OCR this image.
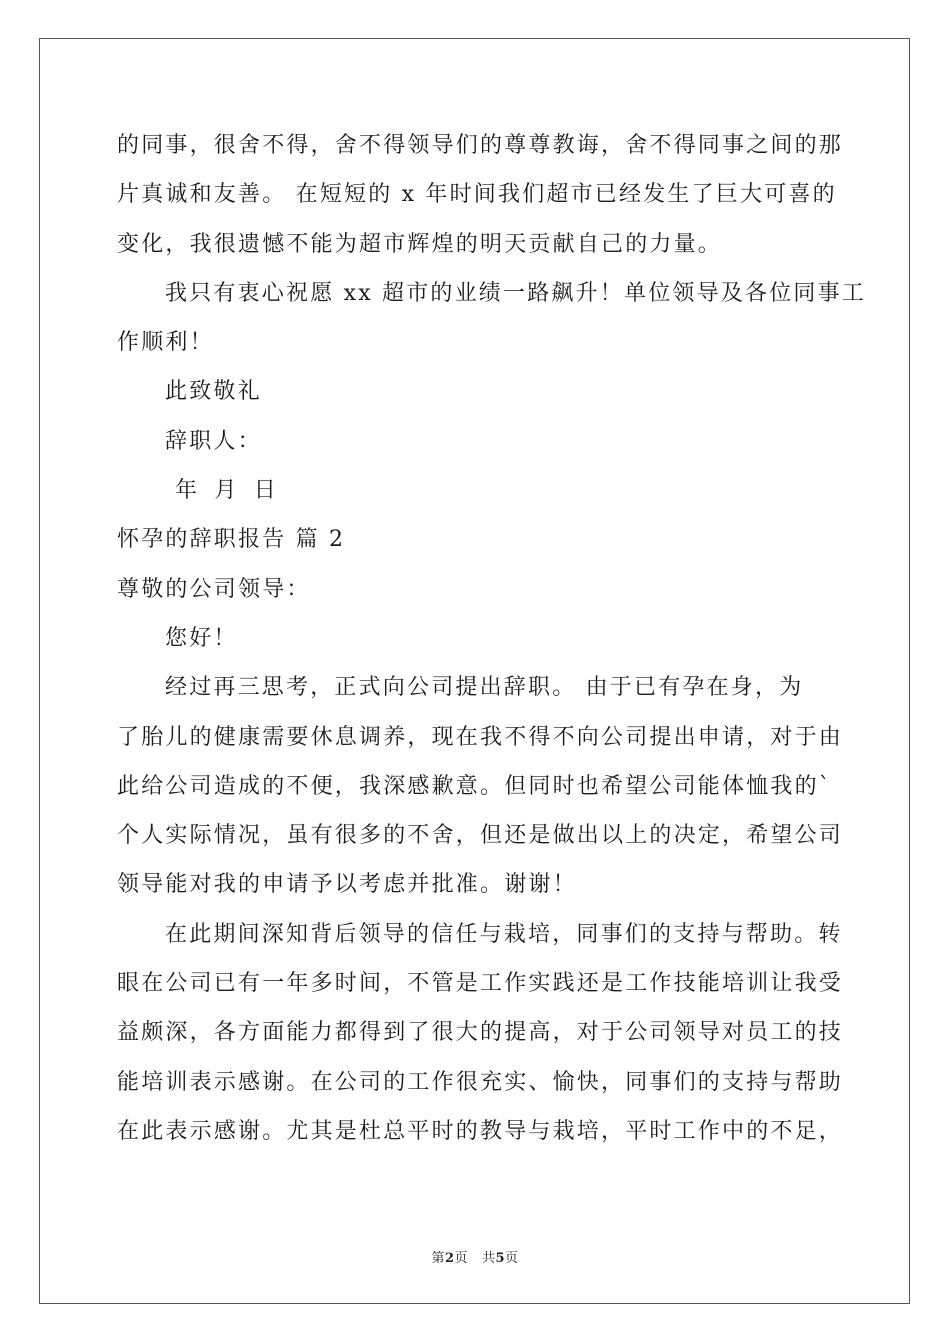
的同事，很舍不得，舍不得领导们的尊尊教诲，舍不得同事之间的那
片真诚和友善。 在短短的 x 年时间我们超市已经发生了巨大可喜的
变化，我很遗憾不能为超市辉煌的明天贡献自己的力量。
我只有衷心祝愿 xx 超市的业绩一路飙升！单位领导及各位同事工
作顺利！
此致敬礼
辞职人：
年 月 日
怀孕的辞职报告 篇 2
尊敬的公司领导：
您好！
经过再三思考，正式向公司提出辞职。 由于已有孕在身，为
了胎儿的健康需要休息调养，现在我不得不向公司提出申请，对于由
此给公司造成的不便，我深感歉意。但同时也希望公司能体恤我的`
个人实际情况，虽有很多的不舍，但还是做出以上的决定，希望公司
领导能对我的申请予以考虑并批准。谢谢！
在此期间深知背后领导的信任与栽培，同事们的支持与帮助。转
眼在公司已有一年多时间，不管是工作实践还是工作技能培训让我受
益颇深，各方面能力都得到了很大的提高，对于公司领导对员工的技
能培训表示感谢。在公司的工作很充实、愉快，同事们的支持与帮助
在此表示感谢。尤其是杜总平时的教导与栽培，平时工作中的不足，
第2页 共5页
